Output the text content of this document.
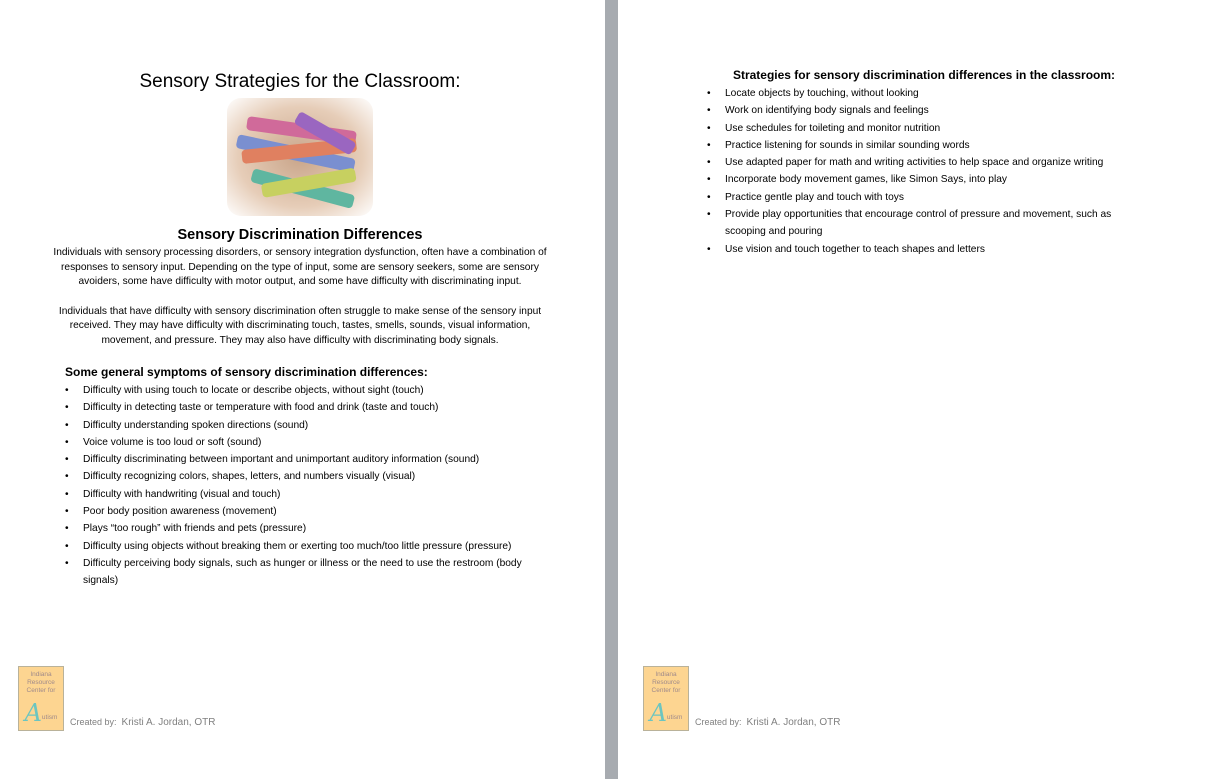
Sensory Strategies for the Classroom:
Sensory Discrimination Differences

Individuals with sensory processing disorders, or sensory integration dysfunction, often have a combination of responses to sensory input. Depending on the type of input, some are sensory seekers, some are sensory avoiders, some have difficulty with motor output, and some have difficulty with discriminating input.

Individuals that have difficulty with sensory discrimination often struggle to make sense of the sensory input received. They may have difficulty with discriminating touch, tastes, smells, sounds, visual information, movement, and pressure. They may also have difficulty with discriminating body signals.

Some general symptoms of sensory discrimination differences:
• Difficulty with using touch to locate or describe objects, without sight (touch)
• Difficulty in detecting taste or temperature with food and drink (taste and touch)
• Difficulty understanding spoken directions (sound)
• Voice volume is too loud or soft (sound)
• Difficulty discriminating between important and unimportant auditory information (sound)
• Difficulty recognizing colors, shapes, letters, and numbers visually (visual)
• Difficulty with handwriting (visual and touch)
• Poor body position awareness (movement)
• Plays “too rough” with friends and pets (pressure)
• Difficulty using objects without breaking them or exerting too much/too little pressure (pressure)
• Difficulty perceiving body signals, such as hunger or illness or the need to use the restroom (body signals)
Indiana
Resource
Center for
A utism Created by: Kristi A. Jordan, OTR
Strategies for sensory discrimination differences in the classroom:
• Locate objects by touching, without looking
• Work on identifying body signals and feelings
• Use schedules for toileting and monitor nutrition
• Practice listening for sounds in similar sounding words
• Use adapted paper for math and writing activities to help space and organize writing
• Incorporate body movement games, like Simon Says, into play
• Practice gentle play and touch with toys
• Provide play opportunities that encourage control of pressure and movement, such as scooping and pouring
• Use vision and touch together to teach shapes and letters
Indiana
Resource
Center for
A utism Created by: Kristi A. Jordan, OTR
